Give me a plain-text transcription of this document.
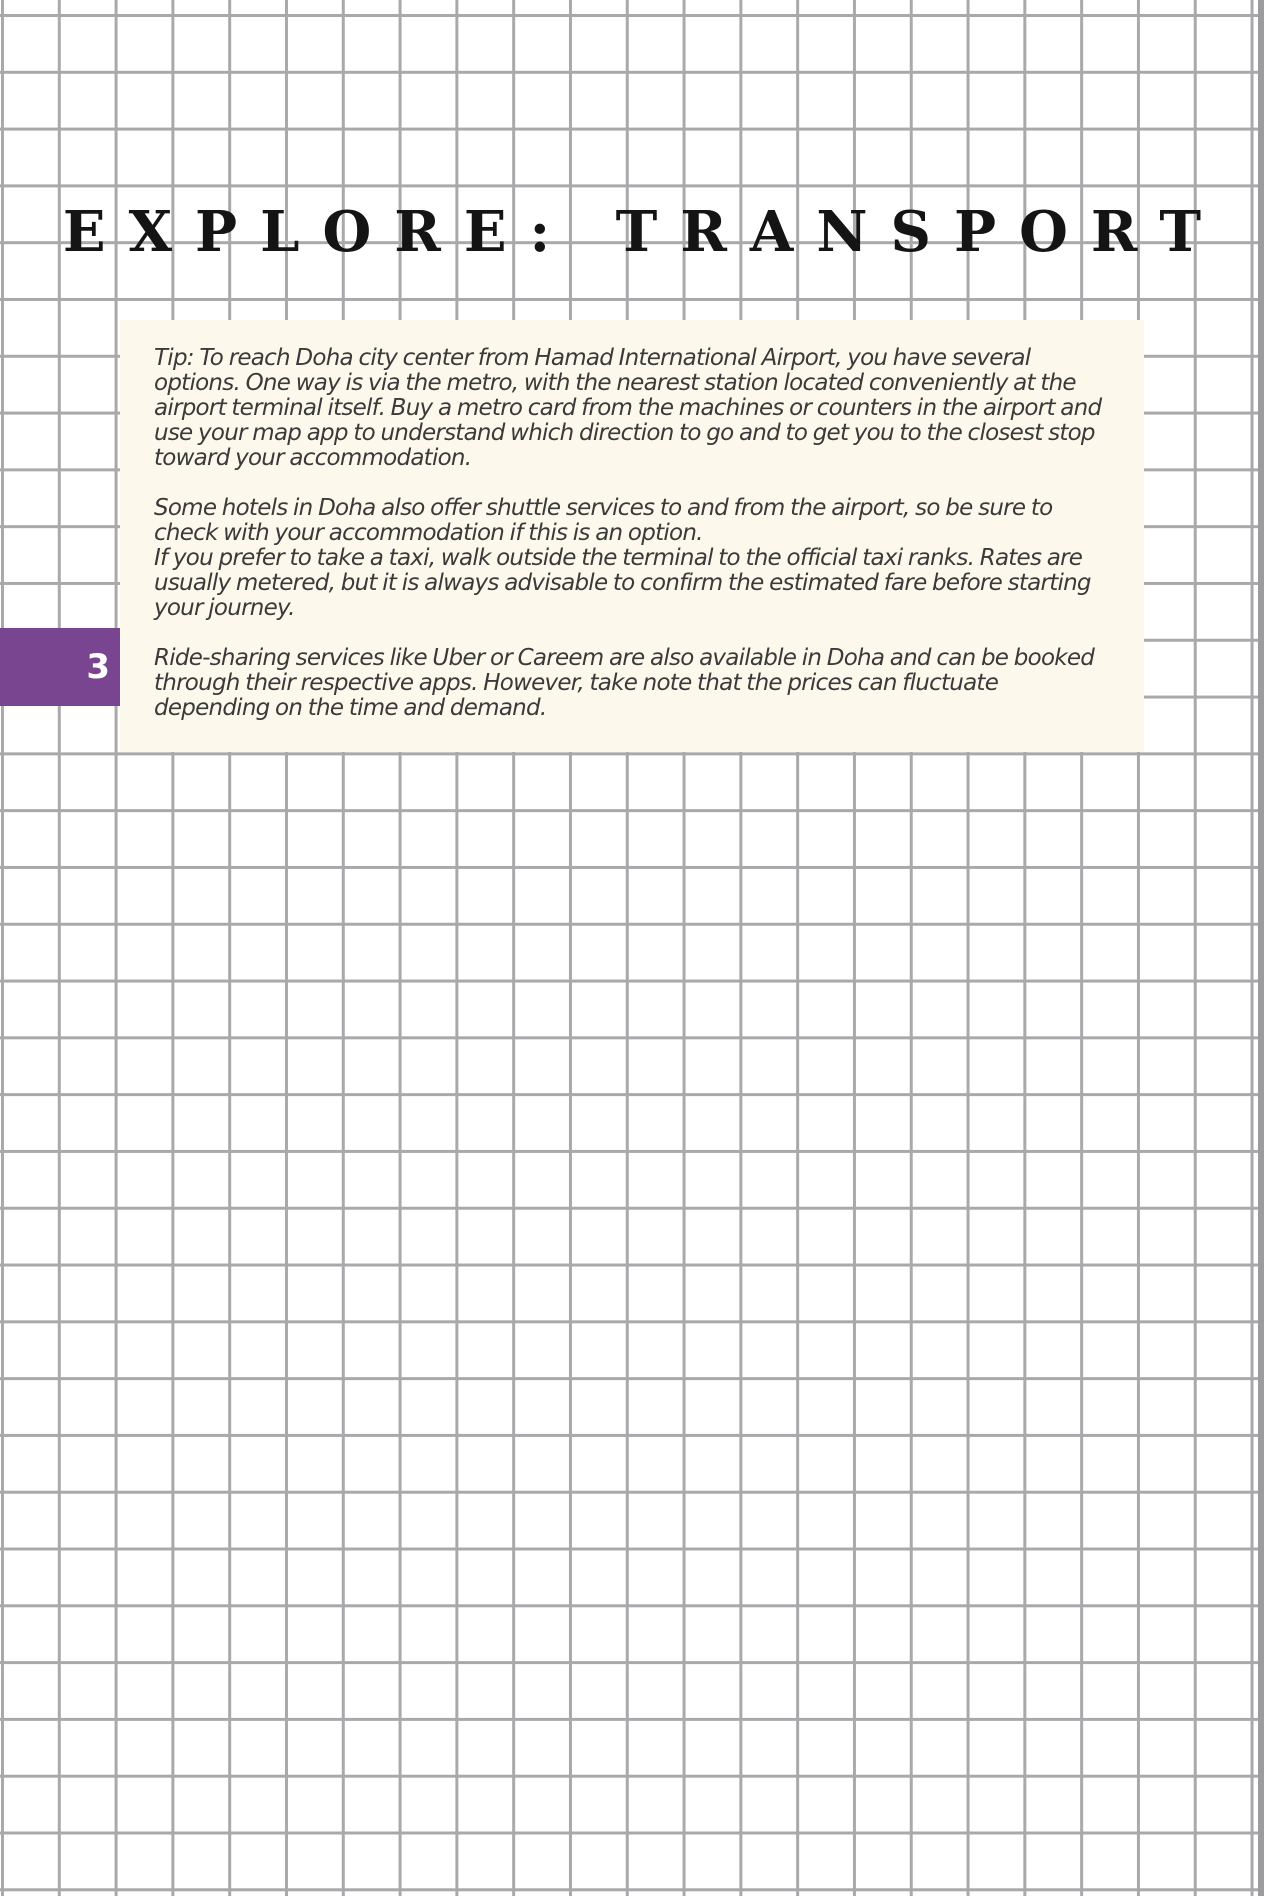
EXPLORE: TRANSPORT

Tip: To reach Doha city center from Hamad International Airport, you have several options. One way is via the metro, with the nearest station located conveniently at the airport terminal itself. Buy a metro card from the machines or counters in the airport and use your map app to understand which direction to go and to get you to the closest stop toward your accommodation.

Some hotels in Doha also offer shuttle services to and from the airport, so be sure to check with your accommodation if this is an option.

If you prefer to take a taxi, walk outside the terminal to the official taxi ranks. Rates are usually metered, but it is always advisable to confirm the estimated fare before starting your journey.

Ride-sharing services like Uber or Careem are also available in Doha and can be booked through their respective apps. However, take note that the prices can fluctuate depending on the time and demand.

3
